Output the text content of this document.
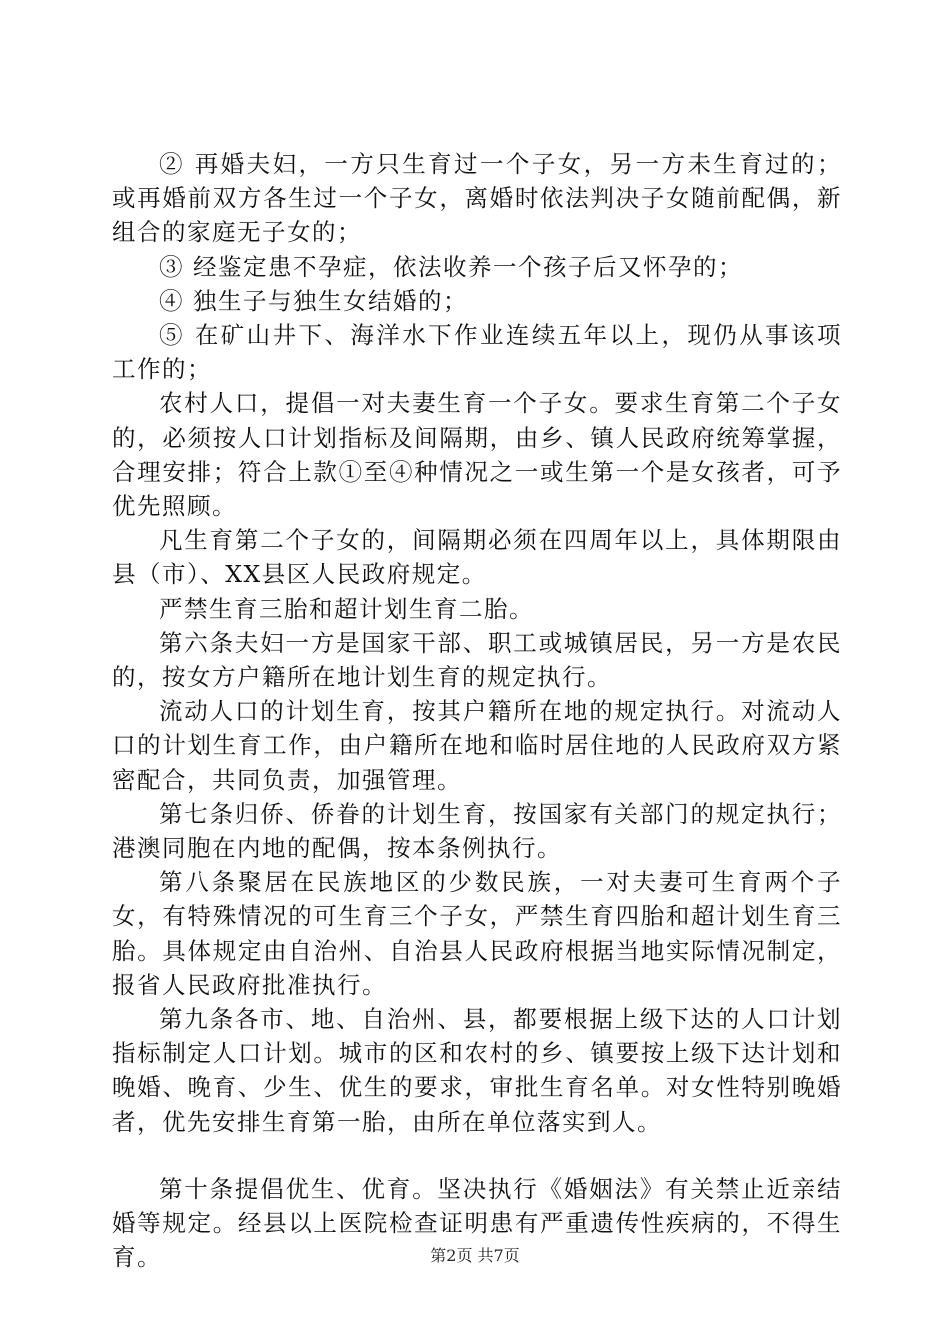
② 再婚夫妇，一方只生育过一个子女，另一方未生育过的；或再婚前双方各生过一个子女，离婚时依法判决子女随前配偶，新组合的家庭无子女的；

③ 经鉴定患不孕症，依法收养一个孩子后又怀孕的；

④ 独生子与独生女结婚的；

⑤ 在矿山井下、海洋水下作业连续五年以上，现仍从事该项工作的；

农村人口，提倡一对夫妻生育一个子女。要求生育第二个子女的，必须按人口计划指标及间隔期，由乡、镇人民政府统筹掌握，合理安排；符合上款①至④种情况之一或生第一个是女孩者，可予优先照顾。

凡生育第二个子女的，间隔期必须在四周年以上，具体期限由县（市）、XX县区人民政府规定。

严禁生育三胎和超计划生育二胎。

第六条夫妇一方是国家干部、职工或城镇居民，另一方是农民的，按女方户籍所在地计划生育的规定执行。

流动人口的计划生育，按其户籍所在地的规定执行。对流动人口的计划生育工作，由户籍所在地和临时居住地的人民政府双方紧密配合，共同负责，加强管理。

第七条归侨、侨眷的计划生育，按国家有关部门的规定执行；港澳同胞在内地的配偶，按本条例执行。

第八条聚居在民族地区的少数民族，一对夫妻可生育两个子女，有特殊情况的可生育三个子女，严禁生育四胎和超计划生育三胎。具体规定由自治州、自治县人民政府根据当地实际情况制定，报省人民政府批准执行。

第九条各市、地、自治州、县，都要根据上级下达的人口计划指标制定人口计划。城市的区和农村的乡、镇要按上级下达计划和晚婚、晚育、少生、优生的要求，审批生育名单。对女性特别晚婚者，优先安排生育第一胎，由所在单位落实到人。

第十条提倡优生、优育。坚决执行《婚姻法》有关禁止近亲结婚等规定。经县以上医院检查证明患有严重遗传性疾病的，不得生育。	第2页 共7页
